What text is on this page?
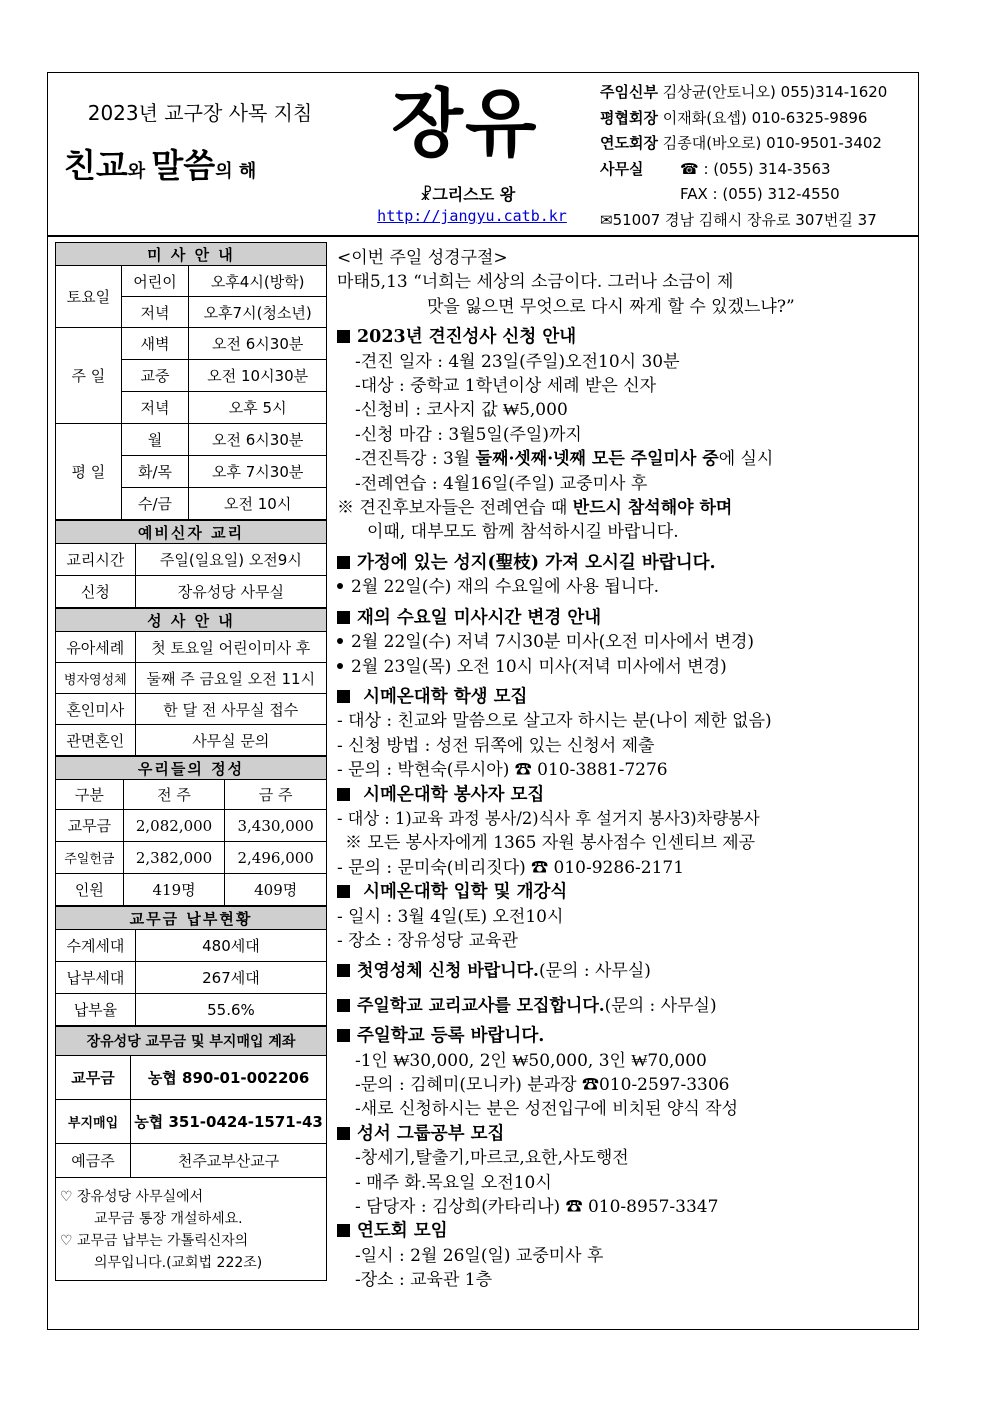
2023년 교구장 사목 지침
친교와 말씀의 해
장유
☧그리스도 왕
http://jangyu.catb.kr
주임신부 김상균(안토니오) 055)314-1620
평협회장 이재화(요셉) 010-6325-9896
연도회장 김종대(바오로) 010-9501-3402
사무실 ☎ : (055) 314-3563
FAX : (055) 312-4550
✉51007 경남 김해시 장유로 307번길 37
미 사 안 내		
토요일	어린이	오후4시(방학)
	저녁	오후7시(청소년)
주 일	새벽	오전 6시30분
	교중	오전 10시30분
	저녁	오후 5시
평 일	월	오전 6시30분
	화/목	오후 7시30분
	수/금	오전 10시
예비신자 교리	
교리시간	주일(일요일) 오전9시
신청	장유성당 사무실
성 사 안 내	
유아세례	첫 토요일 어린이미사 후
병자영성체	둘째 주 금요일 오전 11시
혼인미사	한 달 전 사무실 접수
관면혼인	사무실 문의
우리들의 정성		
구분	전 주	금 주
교무금	2,082,000	3,430,000
주일헌금	2,382,000	2,496,000
인원	419명	409명
교무금 납부현황	
수계세대	480세대
납부세대	267세대
납부율	55.6%
장유성당 교무금 및 부지매입 계좌	
교무금	농협 890-01-002206
부지매입	농협 351-0424-1571-43
예금주	천주교부산교구
♡ 장유성당 사무실에서
교무금 통장 개설하세요.
♡ 교무금 납부는 가톨릭신자의
의무입니다.(교회법 222조)
<이번 주일 성경구절>
마태5,13 “너희는 세상의 소금이다. 그러나 소금이 제
맛을 잃으면 무엇으로 다시 짜게 할 수 있겠느냐?”
2023년 견진성사 신청 안내
-견진 일자 : 4월 23일(주일)오전10시 30분
-대상 : 중학교 1학년이상 세례 받은 신자
-신청비 : 코사지 값 ₩5,000
-신청 마감 : 3월5일(주일)까지
-견진특강 : 3월 둘째·셋째·넷째 모든 주일미사 중에 실시
-전례연습 : 4월16일(주일) 교중미사 후
※ 견진후보자들은 전례연습 때 반드시 참석해야 하며
이때, 대부모도 함께 참석하시길 바랍니다.
가정에 있는 성지(聖枝) 가져 오시길 바랍니다.
2월 22일(수) 재의 수요일에 사용 됩니다.
재의 수요일 미사시간 변경 안내
2월 22일(수) 저녁 7시30분 미사(오전 미사에서 변경)
2월 23일(목) 오전 10시 미사(저녁 미사에서 변경)
시메온대학 학생 모집
- 대상 : 친교와 말씀으로 살고자 하시는 분(나이 제한 없음)
- 신청 방법 : 성전 뒤쪽에 있는 신청서 제출
- 문의 : 박현숙(루시아) ☎ 010-3881-7276
시메온대학 봉사자 모집
- 대상 : 1)교육 과정 봉사/2)식사 후 설거지 봉사3)차량봉사
※ 모든 봉사자에게 1365 자원 봉사점수 인센티브 제공
- 문의 : 문미숙(비리짓다) ☎ 010-9286-2171
시메온대학 입학 및 개강식
- 일시 : 3월 4일(토) 오전10시
- 장소 : 장유성당 교육관
첫영성체 신청 바랍니다.(문의 : 사무실)
주일학교 교리교사를 모집합니다.(문의 : 사무실)
주일학교 등록 바랍니다.
-1인 ₩30,000, 2인 ₩50,000, 3인 ₩70,000
-문의 : 김혜미(모니카) 분과장 ☎010-2597-3306
-새로 신청하시는 분은 성전입구에 비치된 양식 작성
성서 그룹공부 모집
-창세기,탈출기,마르코,요한,사도행전
- 매주 화.목요일 오전10시
- 담당자 : 김상희(카타리나) ☎ 010-8957-3347
연도회 모임
-일시 : 2월 26일(일) 교중미사 후
-장소 : 교육관 1층
